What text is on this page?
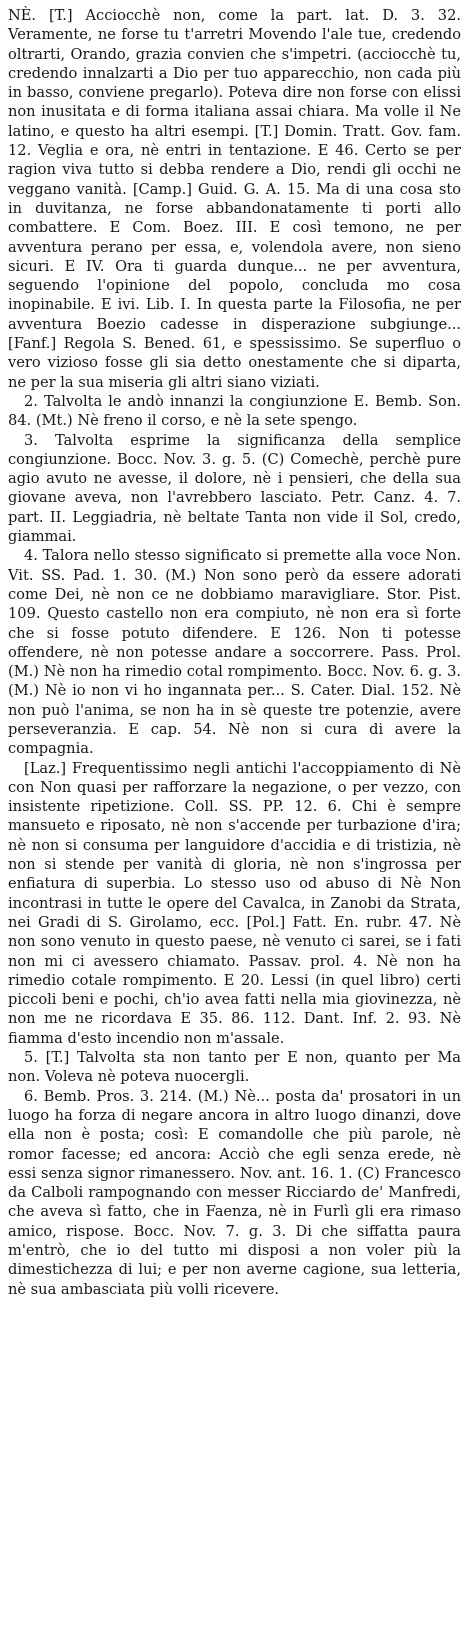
NÈ. [T.] Acciocchè non, come la part. lat. D. 3. 32. Veramente, ne forse tu t'arretri Movendo l'ale tue, credendo oltrarti, Orando, grazia convien che s'impetri. (acciocchè tu, credendo innalzarti a Dio per tuo apparecchio, non cada più in basso, conviene pregarlo). Poteva dire non forse con elissi non inusitata e di forma italiana assai chiara. Ma volle il Ne latino, e questo ha altri esempi. [T.] Domin. Tratt. Gov. fam. 12. Veglia e ora, nè entri in tentazione. E 46. Certo se per ragion viva tutto si debba rendere a Dio, rendi gli occhi ne veggano vanità. [Camp.] Guid. G. A. 15. Ma di una cosa sto in duvitanza, ne forse abbandonatamente ti porti allo combattere. E Com. Boez. III. E così temono, ne per avventura perano per essa, e, volendola avere, non sieno sicuri. E IV. Ora ti guarda dunque... ne per avventura, seguendo l'opinione del popolo, concluda mo cosa inopinabile. E ivi. Lib. I. In questa parte la Filosofia, ne per avventura Boezio cadesse in disperazione subgiunge... [Fanf.] Regola S. Bened. 61, e spessissimo. Se superfluo o vero vizioso fosse gli sia detto onestamente che si diparta, ne per la sua miseria gli altri siano viziati.

2. Talvolta le andò innanzi la congiunzione E. Bemb. Son. 84. (Mt.) Nè freno il corso, e nè la sete spengo.

3. Talvolta esprime la significanza della semplice congiunzione. Bocc. Nov. 3. g. 5. (C) Comechè, perchè pure agio avuto ne avesse, il dolore, nè i pensieri, che della sua giovane aveva, non l'avrebbero lasciato. Petr. Canz. 4. 7. part. II. Leggiadria, nè beltate Tanta non vide il Sol, credo, giammai.

4. Talora nello stesso significato si premette alla voce Non. Vit. SS. Pad. 1. 30. (M.) Non sono però da essere adorati come Dei, nè non ce ne dobbiamo maravigliare. Stor. Pist. 109. Questo castello non era compiuto, nè non era sì forte che si fosse potuto difendere. E 126. Non ti potesse offendere, nè non potesse andare a soccorrere. Pass. Prol. (M.) Nè non ha rimedio cotal rompimento. Bocc. Nov. 6. g. 3. (M.) Nè io non vi ho ingannata per... S. Cater. Dial. 152. Nè non può l'anima, se non ha in sè queste tre potenzie, avere perseveranzia. E cap. 54. Nè non si cura di avere la compagnia.

[Laz.] Frequentissimo negli antichi l'accoppiamento di Nè con Non quasi per rafforzare la negazione, o per vezzo, con insistente ripetizione. Coll. SS. PP. 12. 6. Chi è sempre mansueto e riposato, nè non s'accende per turbazione d'ira; nè non si consuma per languidore d'accidia e di tristizia, nè non si stende per vanità di gloria, nè non s'ingrossa per enfiatura di superbia. Lo stesso uso od abuso di Nè Non incontrasi in tutte le opere del Cavalca, in Zanobi da Strata, nei Gradi di S. Girolamo, ecc. [Pol.] Fatt. En. rubr. 47. Nè non sono venuto in questo paese, nè venuto ci sarei, se i fati non mi ci avessero chiamato. Passav. prol. 4. Nè non ha rimedio cotale rompimento. E 20. Lessi (in quel libro) certi piccoli beni e pochi, ch'io avea fatti nella mia giovinezza, nè non me ne ricordava E 35. 86. 112. Dant. Inf. 2. 93. Nè fiamma d'esto incendio non m'assale.

5. [T.] Talvolta sta non tanto per E non, quanto per Ma non. Voleva nè poteva nuocergli.

6. Bemb. Pros. 3. 214. (M.) Nè... posta da' prosatori in un luogo ha forza di negare ancora in altro luogo dinanzi, dove ella non è posta; così: E comandolle che più parole, nè romor facesse; ed ancora: Acciò che egli senza erede, nè essi senza signor rimanessero. Nov. ant. 16. 1. (C) Francesco da Calboli rampognando con messer Ricciardo de' Manfredi, che aveva sì fatto, che in Faenza, nè in Furlì gli era rimaso amico, rispose. Bocc. Nov. 7. g. 3. Di che siffatta paura m'entrò, che io del tutto mi disposi a non voler più la dimestichezza di lui; e per non averne cagione, sua letteria, nè sua ambasciata più volli ricevere.
